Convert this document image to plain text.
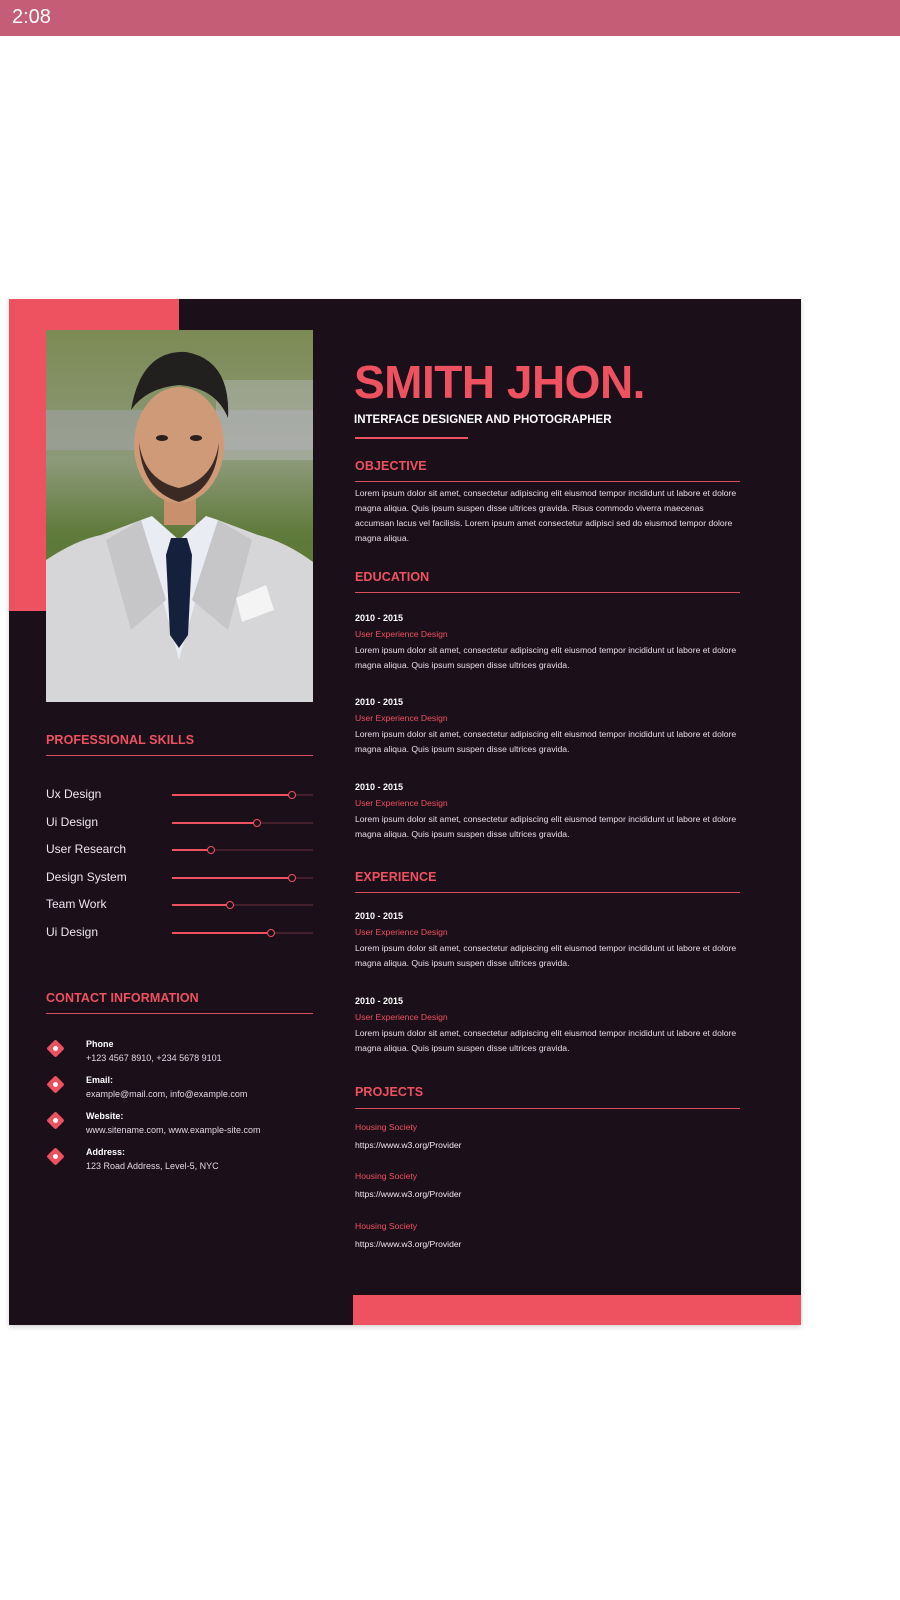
2:08
PROFESSIONAL SKILLS
Ux Design
Ui Design
User Research
Design System
Team Work
Ui Design
CONTACT INFORMATION
Phone
+123 4567 8910, +234 5678 9101
Email:
example@mail.com, info@example.com
Website:
www.sitename.com, www.example-site.com
Address:
123 Road Address, Level-5, NYC
SMITH JHON.
INTERFACE DESIGNER AND PHOTOGRAPHER
OBJECTIVE
Lorem ipsum dolor sit amet, consectetur adipiscing elit eiusmod tempor incididunt ut labore et dolore magna aliqua. Quis ipsum suspen disse ultrices gravida. Risus commodo viverra maecenas accumsan lacus vel facilisis. Lorem ipsum amet consectetur adipisci sed do eiusmod tempor dolore magna aliqua.
EDUCATION
2010 - 2015
User Experience Design
Lorem ipsum dolor sit amet, consectetur adipiscing elit eiusmod tempor incididunt ut labore et dolore magna aliqua. Quis ipsum suspen disse ultrices gravida.
2010 - 2015
User Experience Design
Lorem ipsum dolor sit amet, consectetur adipiscing elit eiusmod tempor incididunt ut labore et dolore magna aliqua. Quis ipsum suspen disse ultrices gravida.
2010 - 2015
User Experience Design
Lorem ipsum dolor sit amet, consectetur adipiscing elit eiusmod tempor incididunt ut labore et dolore magna aliqua. Quis ipsum suspen disse ultrices gravida.
EXPERIENCE
2010 - 2015
User Experience Design
Lorem ipsum dolor sit amet, consectetur adipiscing elit eiusmod tempor incididunt ut labore et dolore magna aliqua. Quis ipsum suspen disse ultrices gravida.
2010 - 2015
User Experience Design
Lorem ipsum dolor sit amet, consectetur adipiscing elit eiusmod tempor incididunt ut labore et dolore magna aliqua. Quis ipsum suspen disse ultrices gravida.
PROJECTS
Housing Society
https://www.w3.org/Provider
Housing Society
https://www.w3.org/Provider
Housing Society
https://www.w3.org/Provider
